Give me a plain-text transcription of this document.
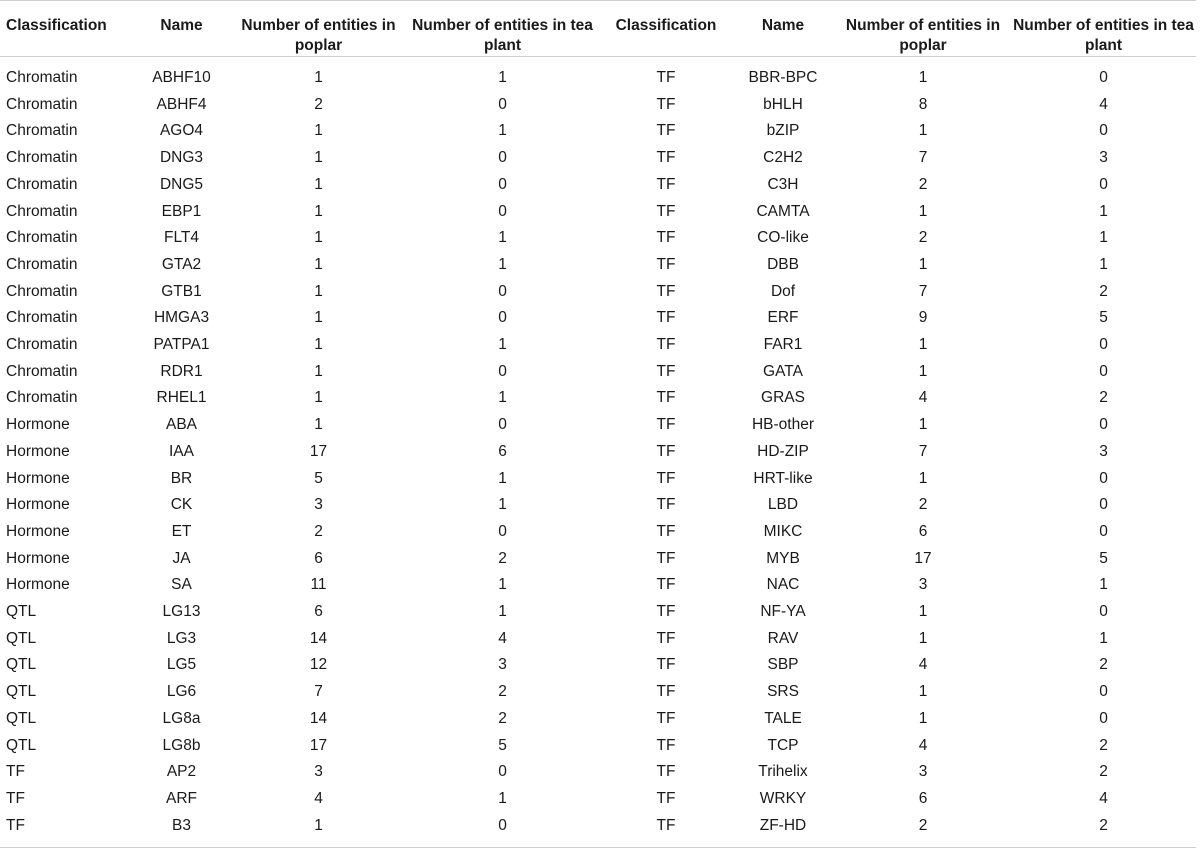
Classification	Name	Number of entities in poplar	Number of entities in tea plant	Classification	Name	Number of entities in poplar	Number of entities in tea plant
Chromatin	ABHF10	1	1	TF	BBR-BPC	1	0
Chromatin	ABHF4	2	0	TF	bHLH	8	4
Chromatin	AGO4	1	1	TF	bZIP	1	0
Chromatin	DNG3	1	0	TF	C2H2	7	3
Chromatin	DNG5	1	0	TF	C3H	2	0
Chromatin	EBP1	1	0	TF	CAMTA	1	1
Chromatin	FLT4	1	1	TF	CO-like	2	1
Chromatin	GTA2	1	1	TF	DBB	1	1
Chromatin	GTB1	1	0	TF	Dof	7	2
Chromatin	HMGA3	1	0	TF	ERF	9	5
Chromatin	PATPA1	1	1	TF	FAR1	1	0
Chromatin	RDR1	1	0	TF	GATA	1	0
Chromatin	RHEL1	1	1	TF	GRAS	4	2
Hormone	ABA	1	0	TF	HB-other	1	0
Hormone	IAA	17	6	TF	HD-ZIP	7	3
Hormone	BR	5	1	TF	HRT-like	1	0
Hormone	CK	3	1	TF	LBD	2	0
Hormone	ET	2	0	TF	MIKC	6	0
Hormone	JA	6	2	TF	MYB	17	5
Hormone	SA	11	1	TF	NAC	3	1
QTL	LG13	6	1	TF	NF-YA	1	0
QTL	LG3	14	4	TF	RAV	1	1
QTL	LG5	12	3	TF	SBP	4	2
QTL	LG6	7	2	TF	SRS	1	0
QTL	LG8a	14	2	TF	TALE	1	0
QTL	LG8b	17	5	TF	TCP	4	2
TF	AP2	3	0	TF	Trihelix	3	2
TF	ARF	4	1	TF	WRKY	6	4
TF	B3	1	0	TF	ZF-HD	2	2
